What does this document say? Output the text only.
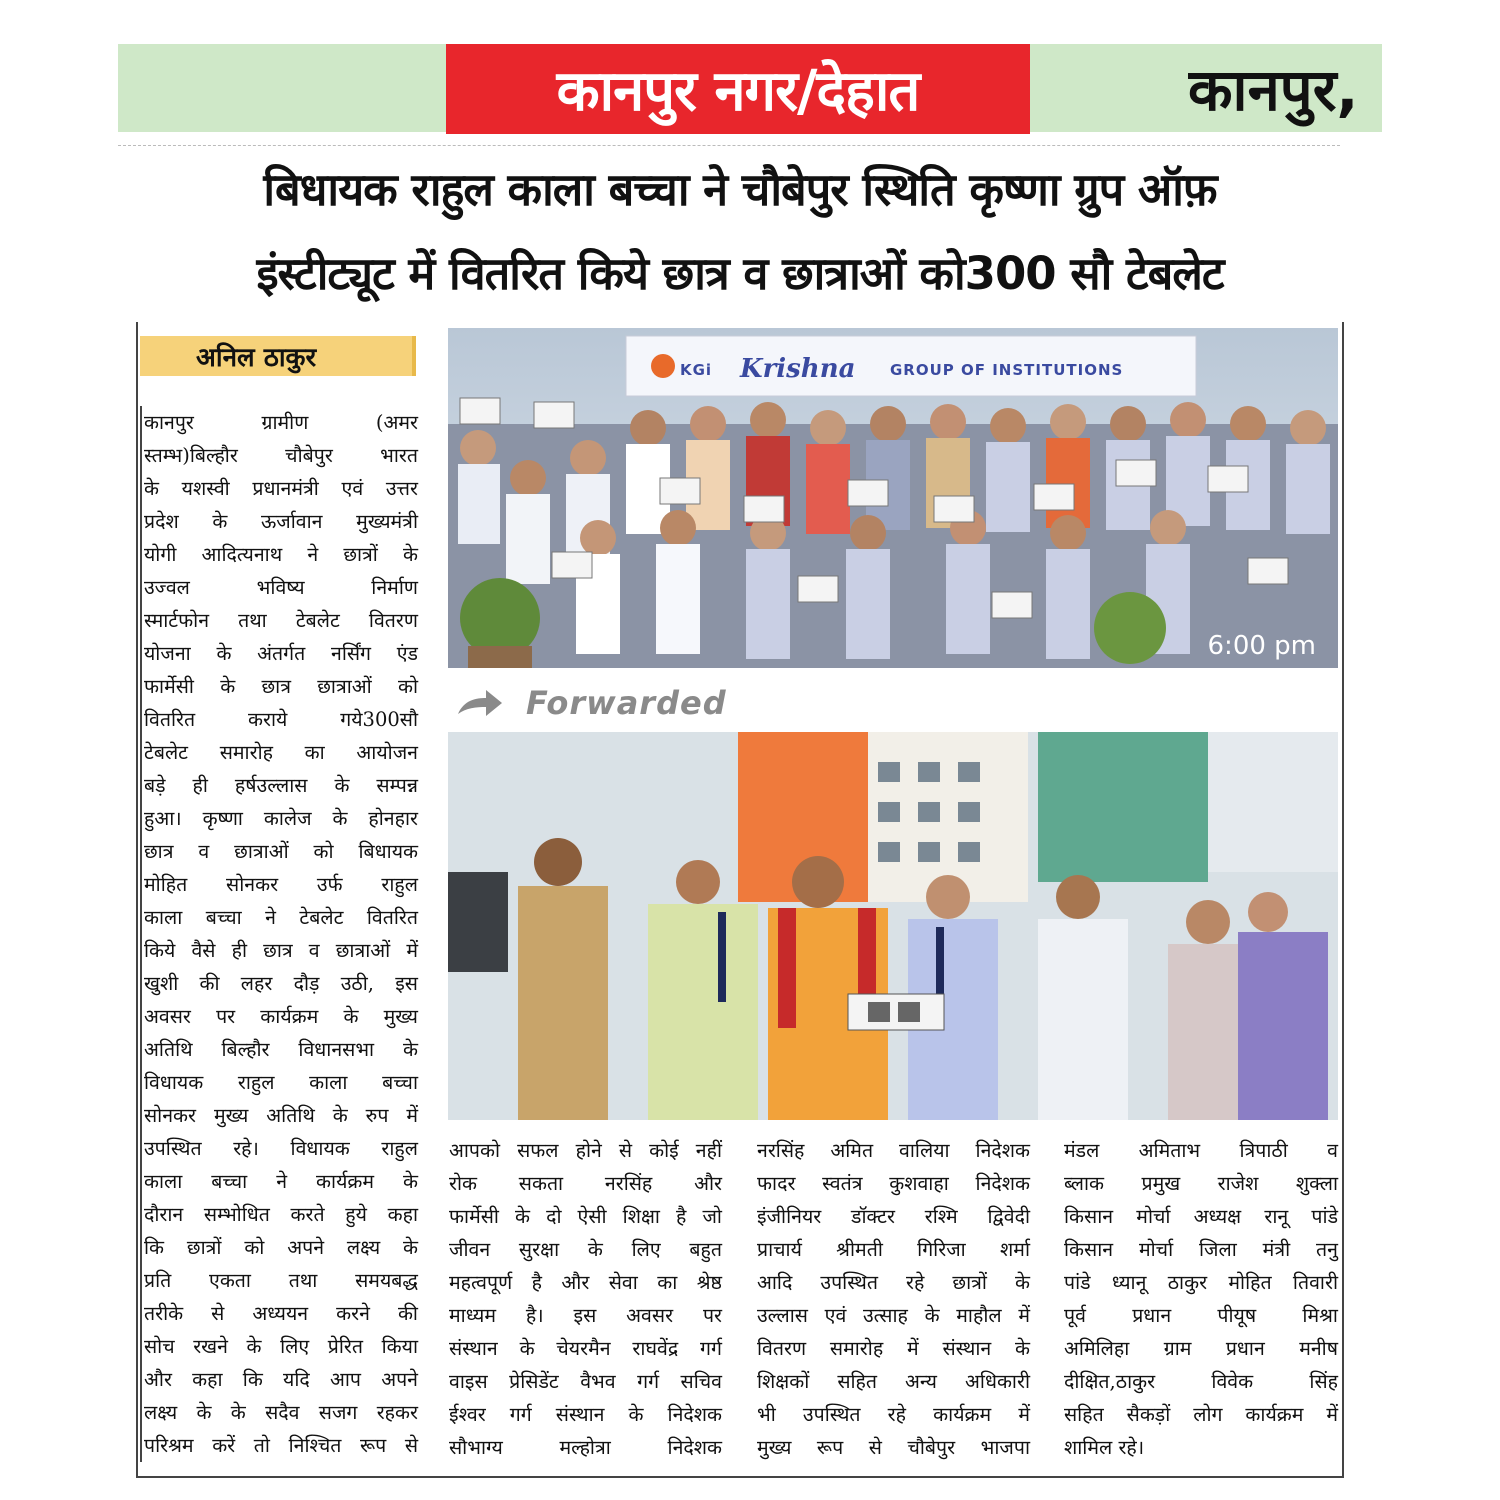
कानपुर नगर/देहात	कानपुर,
बिधायक राहुल काला बच्चा ने चौबेपुर स्थिति कृष्णा ग्रुप ऑफ़
इंस्टीट्यूट में वितरित किये छात्र व छात्राओं को300 सौ टेबलेट
अनिल ठाकुर
कानपुर ग्रामीण (अमर
स्तम्भ)बिल्हौर चौबेपुर भारत
के यशस्वी प्रधानमंत्री एवं उत्तर
प्रदेश के ऊर्जावान मुख्यमंत्री
योगी आदित्यनाथ ने छात्रों के
उज्वल भविष्य निर्माण
स्मार्टफोन तथा टेबलेट वितरण
योजना के अंतर्गत नर्सिंग एंड
फार्मेसी के छात्र छात्राओं को
वितरित कराये गये300सौ
टेबलेट समारोह का आयोजन
बड़े ही हर्षउल्लास के सम्पन्न
हुआ। कृष्णा कालेज के होनहार
छात्र व छात्राओं को बिधायक
मोहित सोनकर उर्फ राहुल
काला बच्चा ने टेबलेट वितरित
किये वैसे ही छात्र व छात्राओं में
खुशी की लहर दौड़ उठी, इस
अवसर पर कार्यक्रम के मुख्य
अतिथि बिल्हौर विधानसभा के
विधायक राहुल काला बच्चा
सोनकर मुख्य अतिथि के रुप में
उपस्थित रहे। विधायक राहुल
काला बच्चा ने कार्यक्रम के
दौरान सम्भोधित करते हुये कहा
कि छात्रों को अपने लक्ष्य के
प्रति एकता तथा समयबद्ध
तरीके से अध्ययन करने की
सोच रखने के लिए प्रेरित किया
और कहा कि यदि आप अपने
लक्ष्य के के सदैव सजग रहकर
परिश्रम करें तो निश्चित रूप से
KGi Krishna GROUP OF INSTITUTIONS
6:00 pm
Forwarded
आपको सफल होने से कोई नहीं
रोक सकता नरसिंह और
फार्मेसी के दो ऐसी शिक्षा है जो
जीवन सुरक्षा के लिए बहुत
महत्वपूर्ण है और सेवा का श्रेष्ठ
माध्यम है। इस अवसर पर
संस्थान के चेयरमैन राघवेंद्र गर्ग
वाइस प्रेसिडेंट वैभव गर्ग सचिव
ईश्वर गर्ग संस्थान के निदेशक
सौभाग्य मल्होत्रा निदेशक
नरसिंह अमित वालिया निदेशक
फादर स्वतंत्र कुशवाहा निदेशक
इंजीनियर डॉक्टर रश्मि द्विवेदी
प्राचार्य श्रीमती गिरिजा शर्मा
आदि उपस्थित रहे छात्रों के
उल्लास एवं उत्साह के माहौल में
वितरण समारोह में संस्थान के
शिक्षकों सहित अन्य अधिकारी
भी उपस्थित रहे कार्यक्रम में
मुख्य रूप से चौबेपुर भाजपा
मंडल अमिताभ त्रिपाठी व
ब्लाक प्रमुख राजेश शुक्ला
किसान मोर्चा अध्यक्ष रानू पांडे
किसान मोर्चा जिला मंत्री तनु
पांडे ध्यानू ठाकुर मोहित तिवारी
पूर्व प्रधान पीयूष मिश्रा
अमिलिहा ग्राम प्रधान मनीष
दीक्षित,ठाकुर विवेक सिंह
सहित सैकड़ों लोग कार्यक्रम में
शामिल रहे।
